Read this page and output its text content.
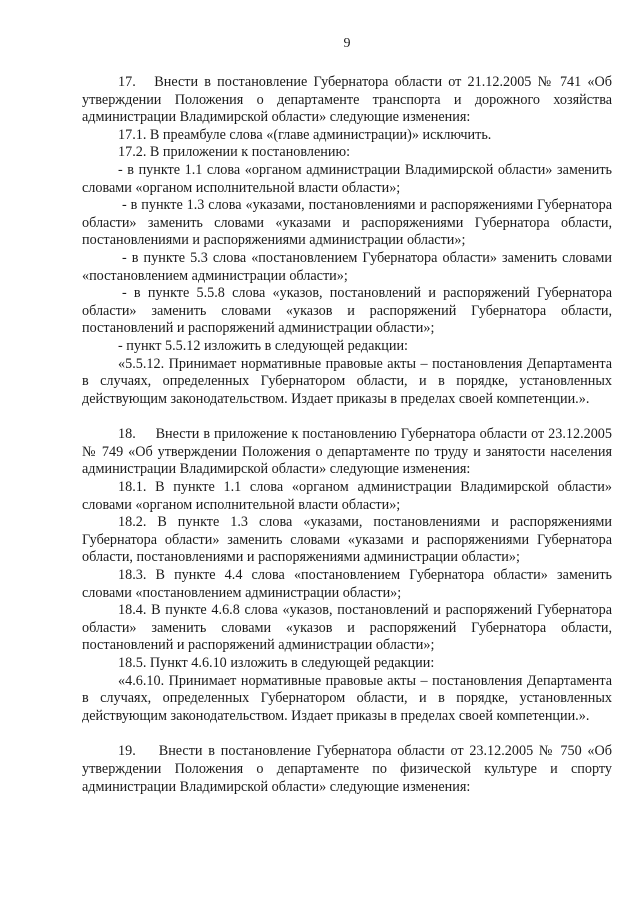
9

17.   Внести в постановление Губернатора области от 21.12.2005 № 741 «Об утверждении Положения о департаменте транспорта и дорожного хозяйства администрации Владимирской области» следующие изменения:

17.1. В преамбуле слова «(главе администрации)» исключить.

17.2. В приложении к постановлению:

- в пункте 1.1 слова «органом администрации Владимирской области» заменить словами «органом исполнительной власти области»;

- в пункте 1.3 слова «указами, постановлениями и распоряжениями Губернатора области» заменить словами «указами и распоряжениями Губернатора области, постановлениями и распоряжениями администрации области»;

- в пункте 5.3 слова «постановлением Губернатора области» заменить словами «постановлением администрации области»;

- в пункте 5.5.8 слова «указов, постановлений и распоряжений Губернатора области» заменить словами «указов и распоряжений Губернатора области, постановлений и распоряжений администрации области»;

- пункт 5.5.12 изложить в следующей редакции:

«5.5.12. Принимает нормативные правовые акты – постановления Департамента в случаях, определенных Губернатором области, и в порядке, установленных действующим законодательством. Издает приказы в пределах своей компетенции.».

18.     Внести в приложение к постановлению Губернатора области от 23.12.2005 № 749 «Об утверждении Положения о департаменте по труду и занятости населения администрации Владимирской области» следующие изменения:

18.1. В пункте 1.1 слова «органом администрации Владимирской области» словами «органом исполнительной власти области»;

18.2. В пункте 1.3 слова «указами, постановлениями и распоряжениями Губернатора области» заменить словами «указами и распоряжениями Губернатора области, постановлениями и распоряжениями администрации области»;

18.3. В пункте 4.4 слова «постановлением Губернатора области» заменить словами «постановлением администрации области»;

18.4. В пункте 4.6.8 слова «указов, постановлений и распоряжений Губернатора области» заменить словами «указов и распоряжений Губернатора области, постановлений и распоряжений администрации области»;

18.5. Пункт 4.6.10 изложить в следующей редакции:

«4.6.10. Принимает нормативные правовые акты – постановления Департамента в случаях, определенных Губернатором области, и в порядке, установленных действующим законодательством. Издает приказы в пределах своей компетенции.».

19.    Внести в постановление Губернатора области от 23.12.2005 № 750 «Об утверждении Положения о департаменте по физической культуре и спорту администрации Владимирской области» следующие изменения:
